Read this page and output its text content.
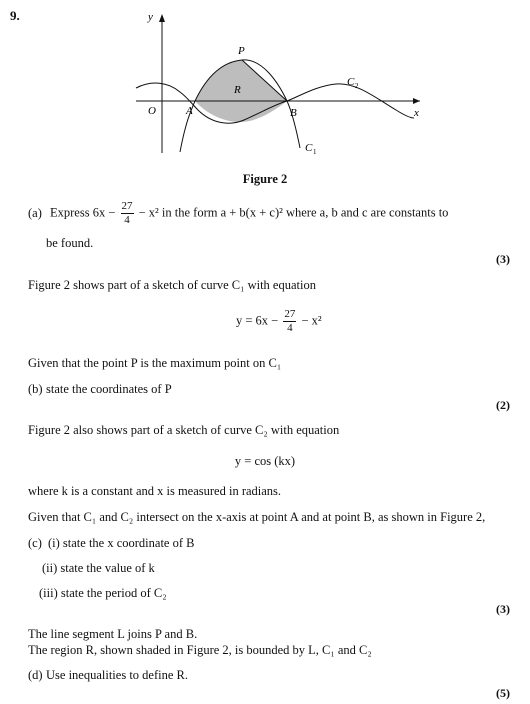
9.	y
x
O	A	B
P
R
C 2
C 1
Figure 2
(a) Express $6x - \frac{27}{4} - x^2$ in the form a + b(x + c)² where a, b and c are constants to
be found.
(3)
Figure 2 shows part of a sketch of curve C₁ with equation
$y = 6x - \frac{27}{4} - x^2$
Given that the point P is the maximum point on C₁
(b) state the coordinates of P
(2)
Figure 2 also shows part of a sketch of curve C₂ with equation
y = cos (kx)
where k is a constant and x is measured in radians.
Given that C₁ and C₂ intersect on the x-axis at point A and at point B, as shown in Figure 2,
(c) (i) state the x coordinate of B
(ii) state the value of k
(iii) state the period of C₂
(3)
The line segment L joins P and B.
The region R, shown shaded in Figure 2, is bounded by L, C₁ and C₂
(d) Use inequalities to define R.
(5)
